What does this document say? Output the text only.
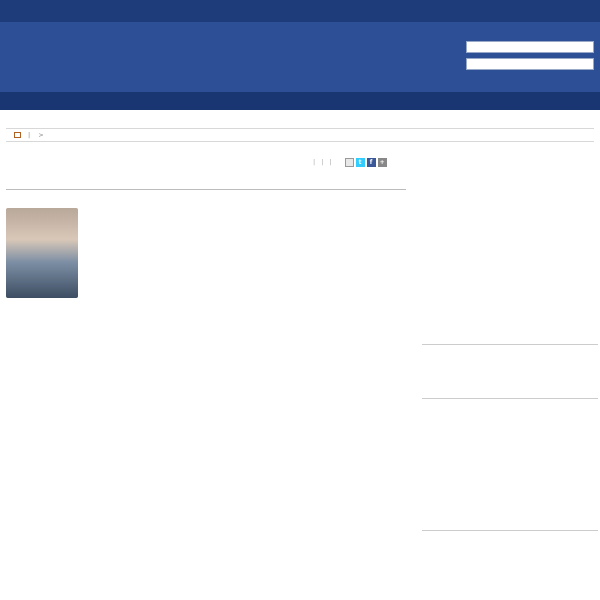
| >
| | |	t	f	+
